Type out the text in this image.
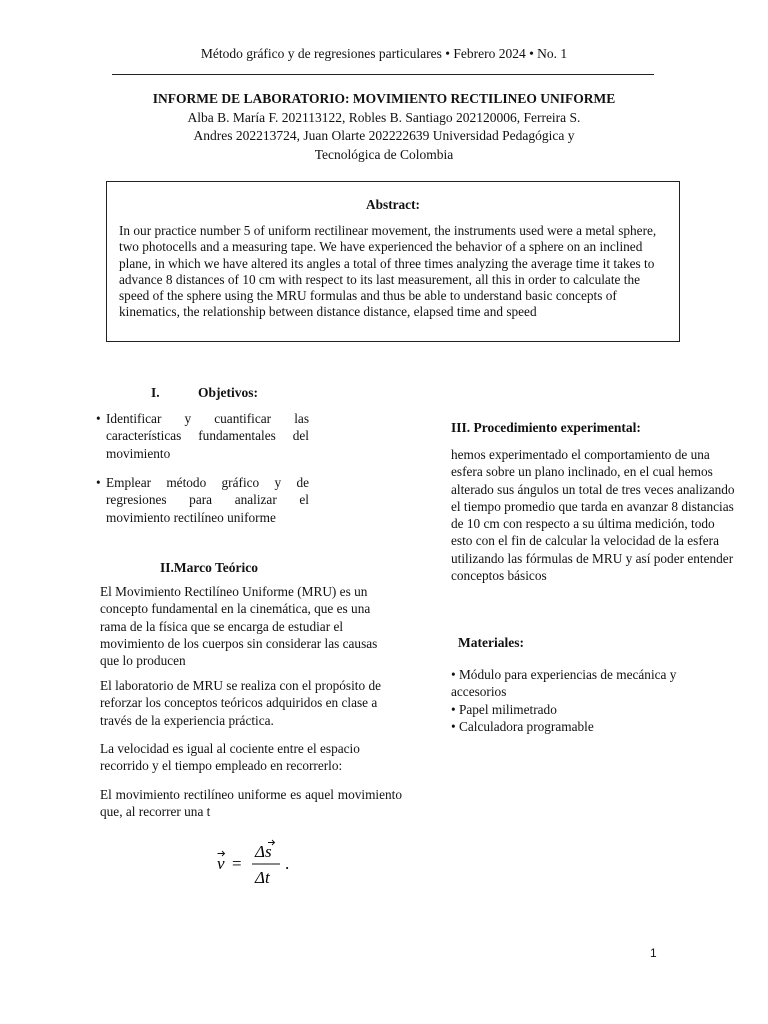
Método gráfico y de regresiones particulares • Febrero 2024 • No. 1
INFORME DE LABORATORIO: MOVIMIENTO RECTILINEO UNIFORME
Alba B. María F. 202113122, Robles B. Santiago 202120006, Ferreira S.
Andres 202213724, Juan Olarte 202222639 Universidad Pedagógica y
Tecnológica de Colombia
Abstract:
In our practice number 5 of uniform rectilinear movement, the instruments used were a metal sphere, two photocells and a measuring tape. We have experienced the behavior of a sphere on an inclined plane, in which we have altered its angles a total of three times analyzing the average time it takes to advance 8 distances of 10 cm with respect to its last measurement, all this in order to calculate the speed of the sphere using the MRU formulas and thus be able to understand basic concepts of kinematics, the relationship between distance distance, elapsed time and speed
I.	Objetivos:
• Identificar y cuantificar las características fundamentales del movimiento
• Emplear método gráfico y de regresiones para analizar el movimiento rectilíneo uniforme
II.Marco Teórico
El Movimiento Rectilíneo Uniforme (MRU) es un concepto fundamental en la cinemática, que es una rama de la física que se encarga de estudiar el movimiento de los cuerpos sin considerar las causas que lo producen
El laboratorio de MRU se realiza con el propósito de reforzar los conceptos teóricos adquiridos en clase a través de la experiencia práctica.
La velocidad es igual al cociente entre el espacio recorrido y el tiempo empleado en recorrerlo:
El movimiento rectilíneo uniforme es aquel movimiento que, al recorrer una t
v =
Δs
Δt
.
III. Procedimiento experimental:
hemos experimentado el comportamiento de una esfera sobre un plano inclinado, en el cual hemos alterado sus ángulos un total de tres veces analizando el tiempo promedio que tarda en avanzar 8 distancias de 10 cm con respecto a su última medición, todo esto con el fin de calcular la velocidad de la esfera utilizando las fórmulas de MRU y así poder entender conceptos básicos
Materiales:
• Módulo para experiencias de mecánica y accesorios
• Papel milimetrado
• Calculadora programable
1
